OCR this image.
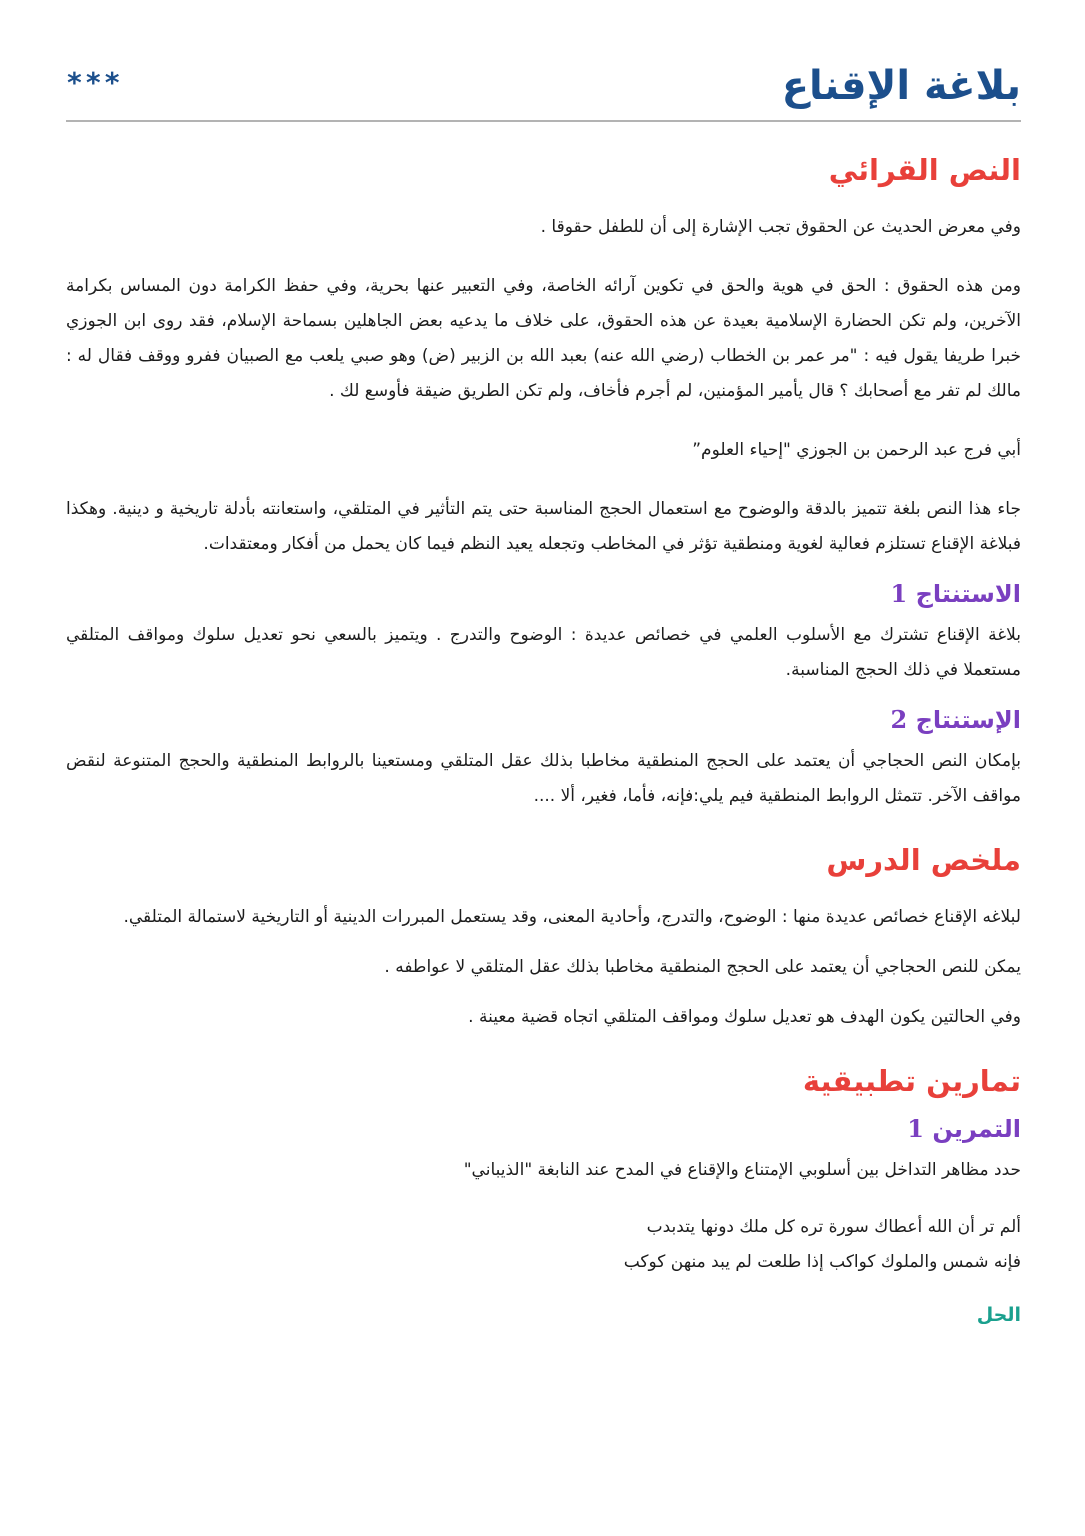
بلاغة الإقناع
***
النص القرائي

وفي معرض الحديث عن الحقوق تجب الإشارة إلى أن للطفل حقوقا .

ومن هذه الحقوق : الحق في هوية والحق في تكوين آرائه الخاصة، وفي التعبير عنها بحرية، وفي حفظ الكرامة دون المساس بكرامة الآخرين، ولم تكن الحضارة الإسلامية بعيدة عن هذه الحقوق، على خلاف ما يدعيه بعض الجاهلين بسماحة الإسلام، فقد روى ابن الجوزي خبرا طريفا يقول فيه : "مر عمر بن الخطاب (رضي الله عنه) بعبد الله بن الزبير (ض) وهو صبي يلعب مع الصبيان ففرو ووقف فقال له : مالك لم تفر مع أصحابك ؟ قال يأمير المؤمنين، لم أجرم فأخاف، ولم تكن الطريق ضيقة فأوسع لك .

أبي فرج عبد الرحمن بن الجوزي "إحياء العلوم”

جاء هذا النص بلغة تتميز بالدقة والوضوح مع استعمال الحجج المناسبة حتى يتم التأثير في المتلقي، واستعانته بأدلة تاريخية و دينية. وهكذا فبلاغة الإقناع تستلزم فعالية لغوية ومنطقية تؤثر في المخاطب وتجعله يعيد النظم فيما كان يحمل من أفكار ومعتقدات.

الاستنتاج 1

بلاغة الإقناع تشترك مع الأسلوب العلمي في خصائص عديدة : الوضوح والتدرج . ويتميز بالسعي نحو تعديل سلوك ومواقف المتلقي مستعملا في ذلك الحجج المناسبة.

الإستنتاج 2

بإمكان النص الحجاجي أن يعتمد على الحجج المنطقية مخاطبا بذلك عقل المتلقي ومستعينا بالروابط المنطقية والحجج المتنوعة لنقض مواقف الآخر. تتمثل الروابط المنطقية فيم يلي:فإنه، فأما، فغير، ألا ....

ملخص الدرس

لبلاغه الإقناع خصائص عديدة منها : الوضوح، والتدرج، وأحادية المعنى، وقد يستعمل المبررات الدينية أو التاريخية لاستمالة المتلقي.

يمكن للنص الحجاجي أن يعتمد على الحجج المنطقية مخاطبا بذلك عقل المتلقي لا عواطفه .

وفي الحالتين يكون الهدف هو تعديل سلوك ومواقف المتلقي اتجاه قضية معينة .

تمارين تطبيقية
التمرين 1

حدد مظاهر التداخل بين أسلوبي الإمتناع والإقناع في المدح عند النابغة "الذيباني"

ألم تر أن الله أعطاك سورة تره كل ملك دونها يتدبدب

فإنه شمس والملوك كواكب إذا طلعت لم يبد منهن كوكب

الحل
